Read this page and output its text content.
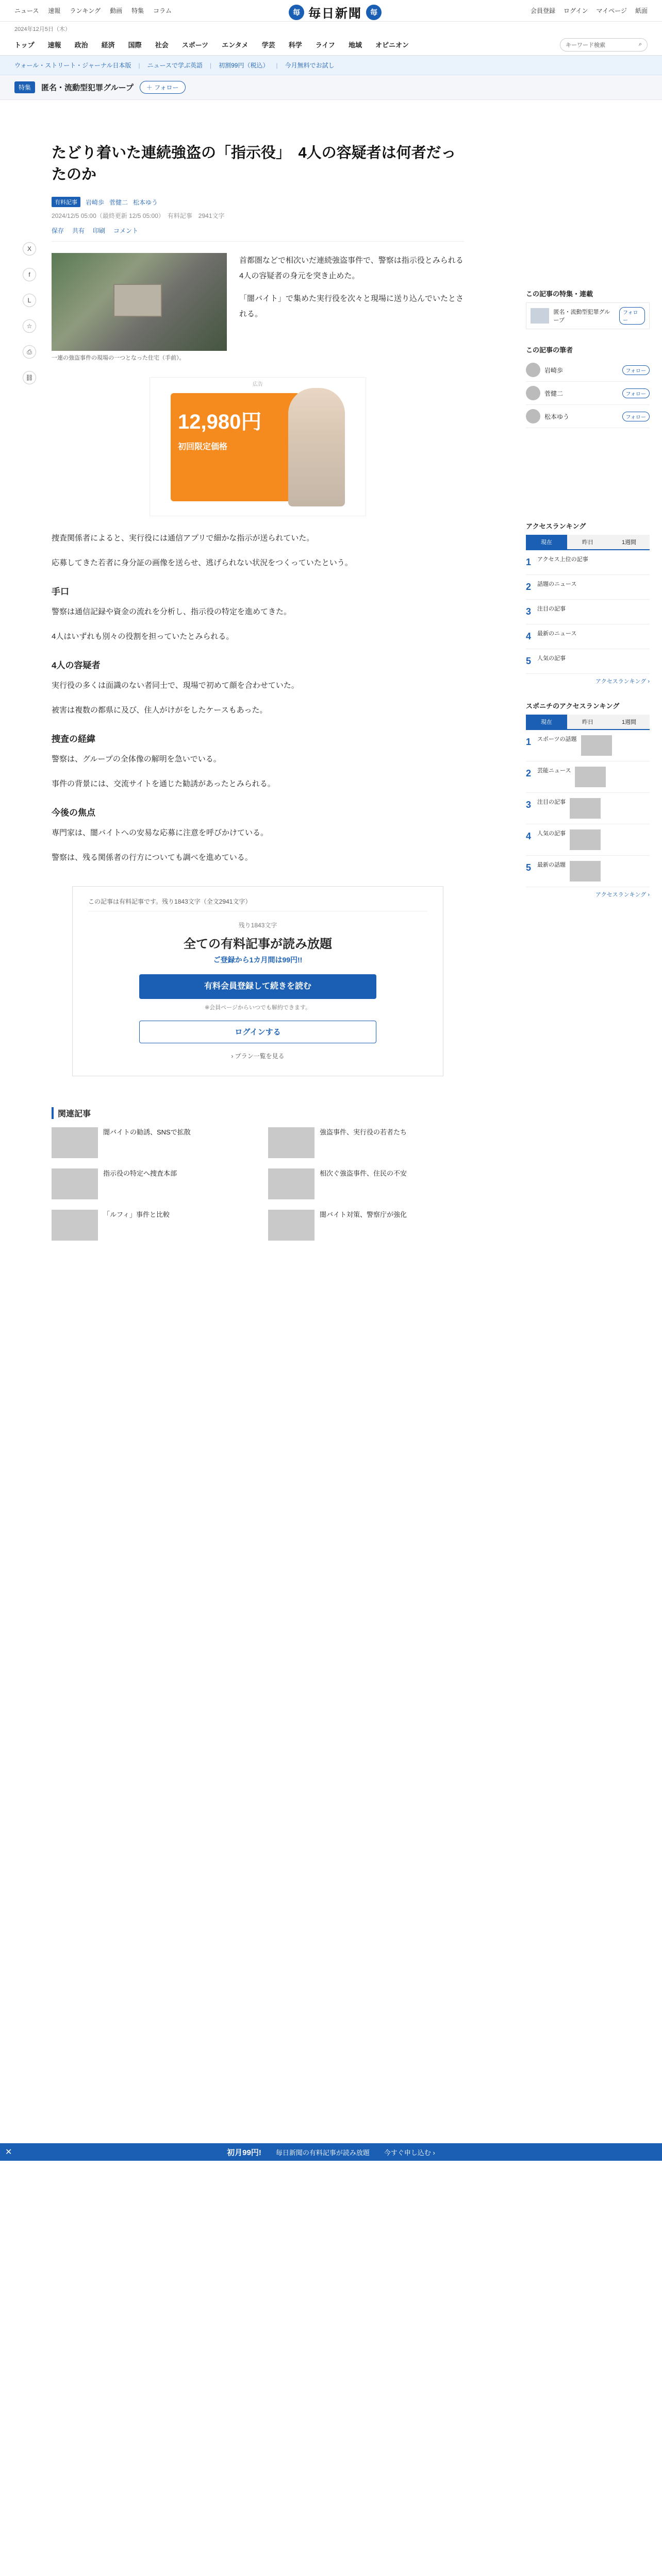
ニュース 速報 ランキング 動画 特集 コラム	毎 毎日新聞	毎	会員登録 ログイン マイページ 紙面
2024年12月5日（木）
トップ 速報 政治 経済 国際 社会 スポーツ エンタメ 学芸 科学 ライフ 地域 オピニオン	キーワード検索	⌕
ウォール・ストリート・ジャーナル日本版 | ニュースで学ぶ英語 | 初割99円（税込） | 今月無料でお試し
特集	匿名・流動型犯罪グループ	＋ フォロー
X
f
L
☆
⎙
⛓
たどり着いた連続強盗の「指示役」　4人の容疑者は何者だったのか
有料記事	岩崎歩 菅健二 松本ゆう
2024/12/5 05:00（最終更新 12/5 05:00）　有料記事　2941文字
保存 共有 印刷 コメント
一連の強盗事件の現場の一つとなった住宅（手前）。

首都圏などで相次いだ連続強盗事件で、警察は指示役とみられる4人の容疑者の身元を突き止めた。

「闇バイト」で集めた実行役を次々と現場に送り込んでいたとされる。

広告
12,980円
初回限定価格

捜査関係者によると、実行役には通信アプリで細かな指示が送られていた。

応募してきた若者に身分証の画像を送らせ、逃げられない状況をつくっていたという。

手口

警察は通信記録や資金の流れを分析し、指示役の特定を進めてきた。

4人はいずれも別々の役割を担っていたとみられる。

4人の容疑者

実行役の多くは面識のない者同士で、現場で初めて顔を合わせていた。

被害は複数の都県に及び、住人がけがをしたケースもあった。

捜査の経緯

警察は、グループの全体像の解明を急いでいる。

事件の背景には、交流サイトを通じた勧誘があったとみられる。

今後の焦点

専門家は、闇バイトへの安易な応募に注意を呼びかけている。

警察は、残る関係者の行方についても調べを進めている。

この記事は有料記事です。残り1843文字（全文2941文字）
残り1843文字
全ての有料記事が読み放題
ご登録から1カ月間は99円!!
有料会員登録して続きを読む
※会員ページからいつでも解約できます。
ログインする
› プラン一覧を見る
関連記事
闇バイトの勧誘、SNSで拡散	強盗事件、実行役の若者たち
指示役の特定へ捜査本部	相次ぐ強盗事件、住民の不安
「ルフィ」事件と比較	闇バイト対策、警察庁が強化
この記事の特集・連載
匿名・流動型犯罪グループ
フォロー
この記事の筆者
岩崎歩	フォロー
菅健二	フォロー
松本ゆう	フォロー
アクセスランキング
現在	昨日	1週間
1	アクセス上位の記事
2	話題のニュース
3	注目の記事
4	最新のニュース
5	人気の記事
アクセスランキング ›
スポニチのアクセスランキング
現在	昨日	1週間
1	スポーツの話題
2	芸能ニュース
3	注目の記事
4	人気の記事
5	最新の話題
アクセスランキング ›
✕	初月99円! 毎日新聞の有料記事が読み放題 今すぐ申し込む ›
